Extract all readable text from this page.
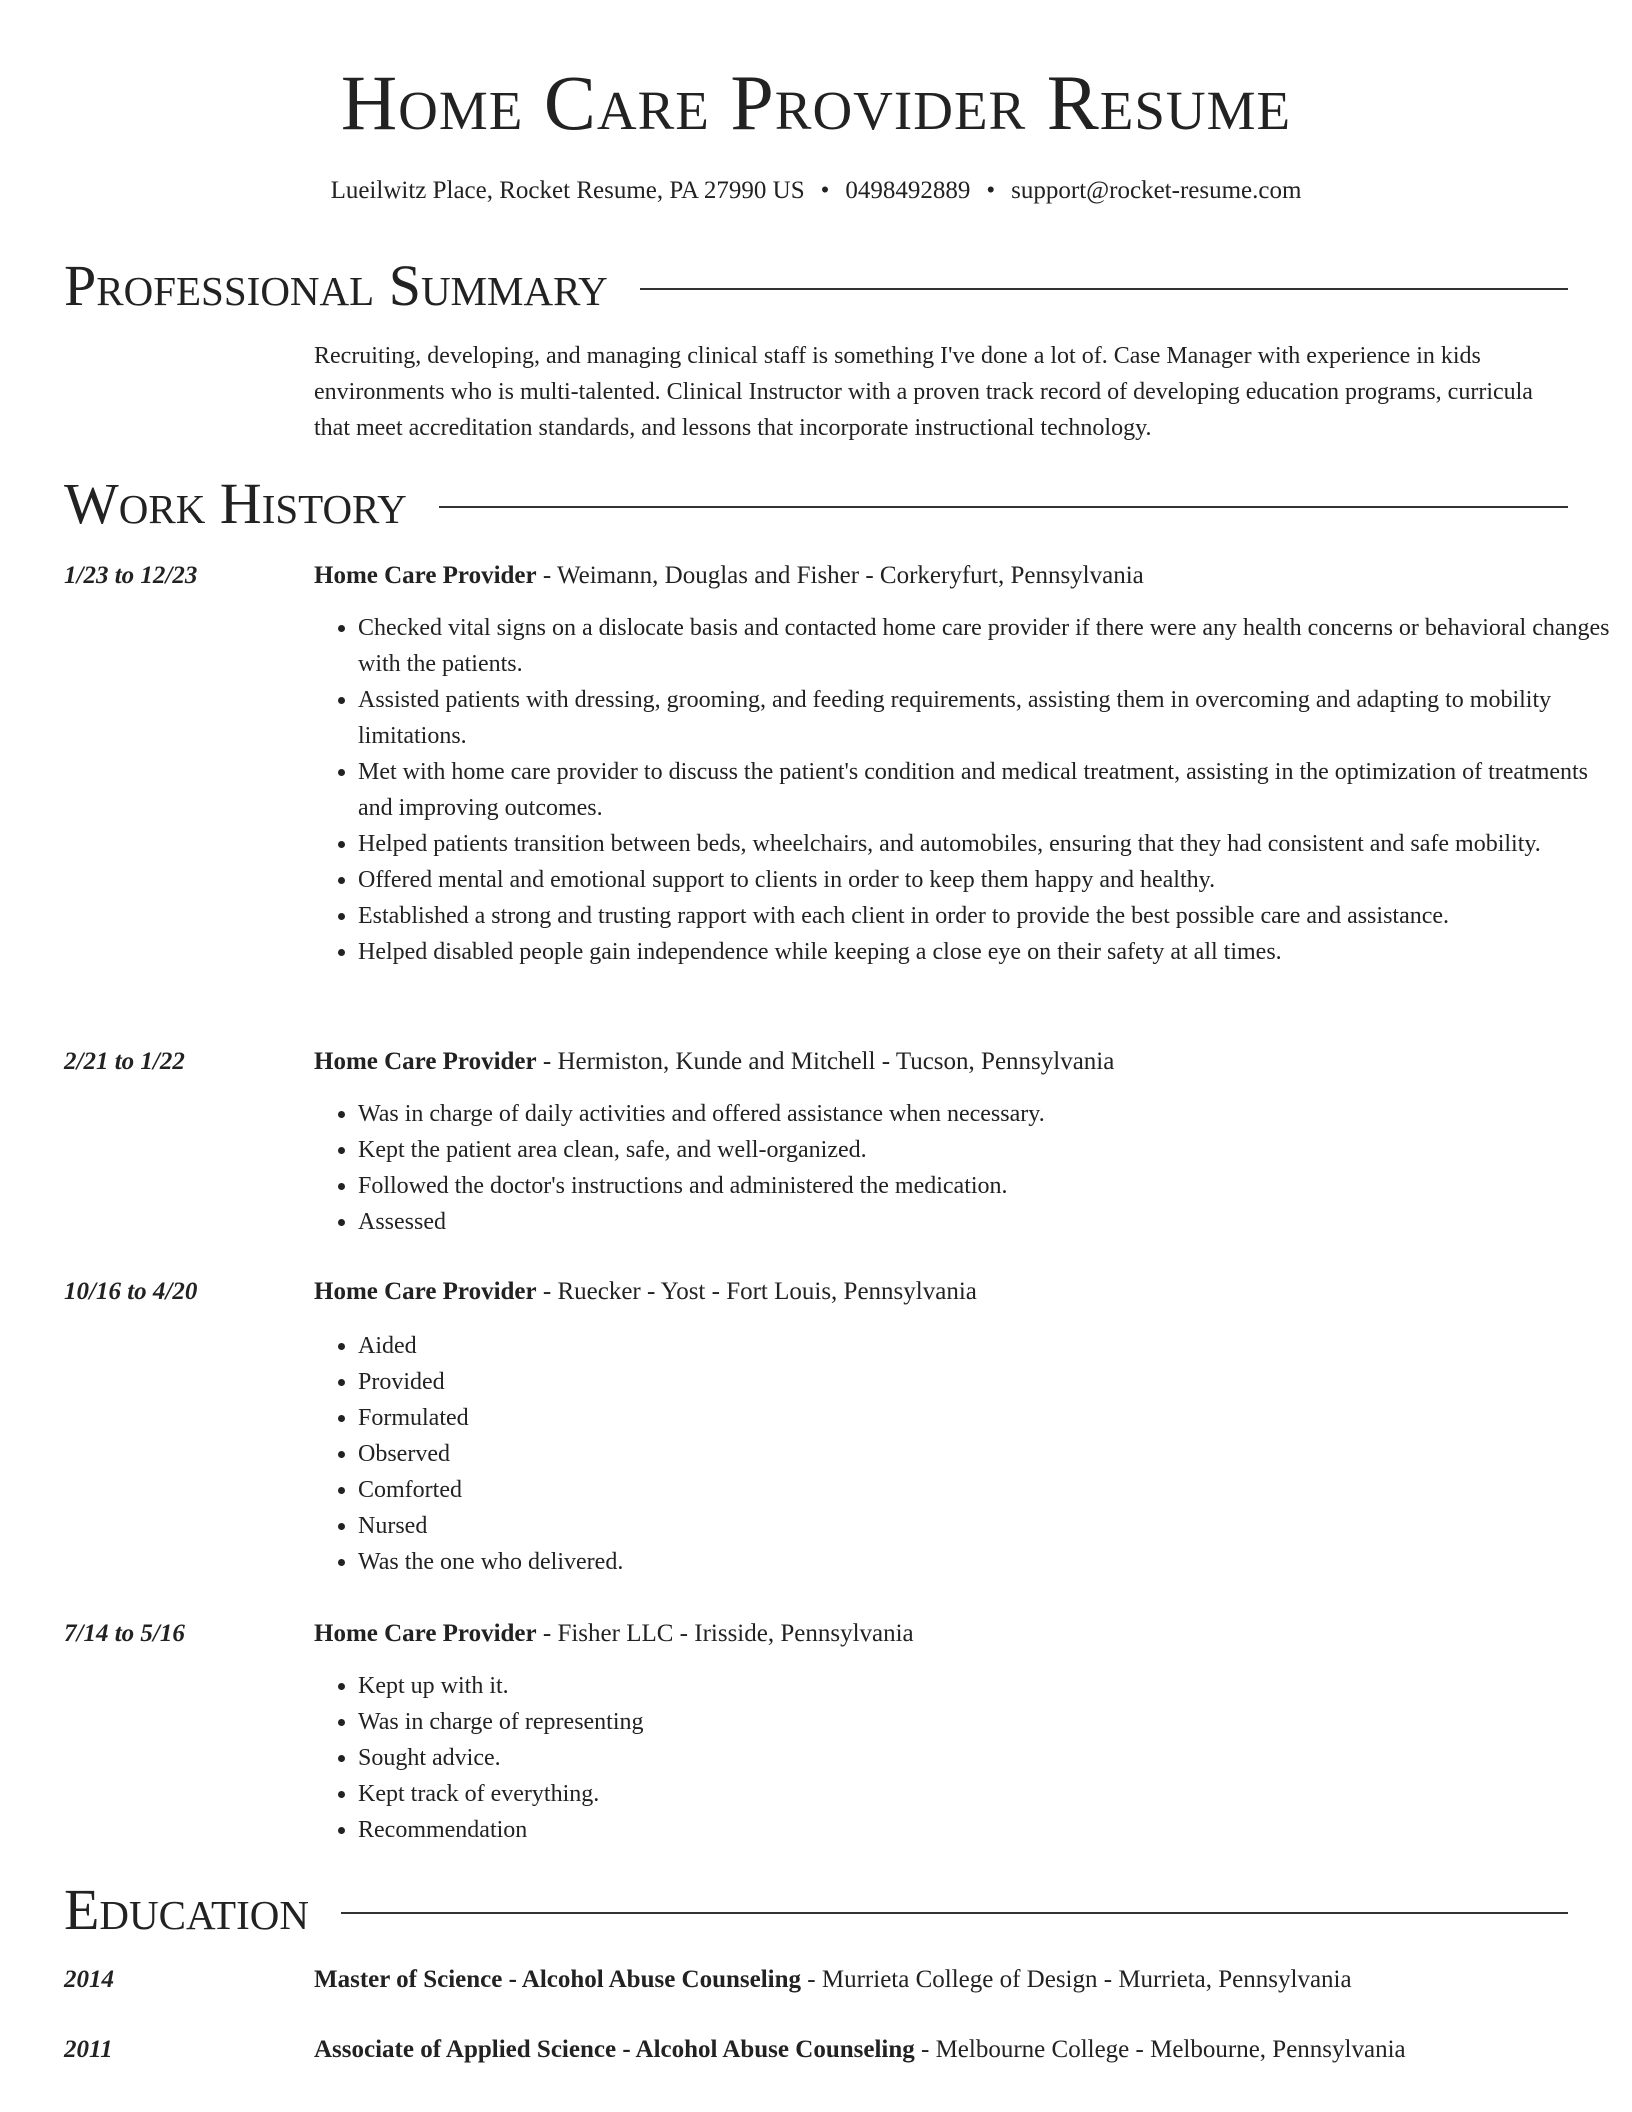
Home Care Provider Resume
Lueilwitz Place, Rocket Resume, PA 27990 US • 0498492889 • support@rocket-resume.com
Professional Summary

Recruiting, developing, and managing clinical staff is something I've done a lot of. Case Manager with experience in kids environments who is multi-talented. Clinical Instructor with a proven track record of developing education programs, curricula that meet accreditation standards, and lessons that incorporate instructional technology.

Work History
1/23 to 12/23	Home Care Provider - Weimann, Douglas and Fisher - Corkeryfurt, Pennsylvania
• Checked vital signs on a dislocate basis and contacted home care provider if there were any health concerns or behavioral changes with the patients.
• Assisted patients with dressing, grooming, and feeding requirements, assisting them in overcoming and adapting to mobility limitations.
• Met with home care provider to discuss the patient's condition and medical treatment, assisting in the optimization of treatments and improving outcomes.
• Helped patients transition between beds, wheelchairs, and automobiles, ensuring that they had consistent and safe mobility.
• Offered mental and emotional support to clients in order to keep them happy and healthy.
• Established a strong and trusting rapport with each client in order to provide the best possible care and assistance.
• Helped disabled people gain independence while keeping a close eye on their safety at all times.
2/21 to 1/22	Home Care Provider - Hermiston, Kunde and Mitchell - Tucson, Pennsylvania
• Was in charge of daily activities and offered assistance when necessary.
• Kept the patient area clean, safe, and well-organized.
• Followed the doctor's instructions and administered the medication.
• Assessed
10/16 to 4/20	Home Care Provider - Ruecker - Yost - Fort Louis, Pennsylvania
• Aided
• Provided
• Formulated
• Observed
• Comforted
• Nursed
• Was the one who delivered.
7/14 to 5/16	Home Care Provider - Fisher LLC - Irisside, Pennsylvania
• Kept up with it.
• Was in charge of representing
• Sought advice.
• Kept track of everything.
• Recommendation
Education
2014	Master of Science - Alcohol Abuse Counseling - Murrieta College of Design - Murrieta, Pennsylvania
2011	Associate of Applied Science - Alcohol Abuse Counseling - Melbourne College - Melbourne, Pennsylvania
